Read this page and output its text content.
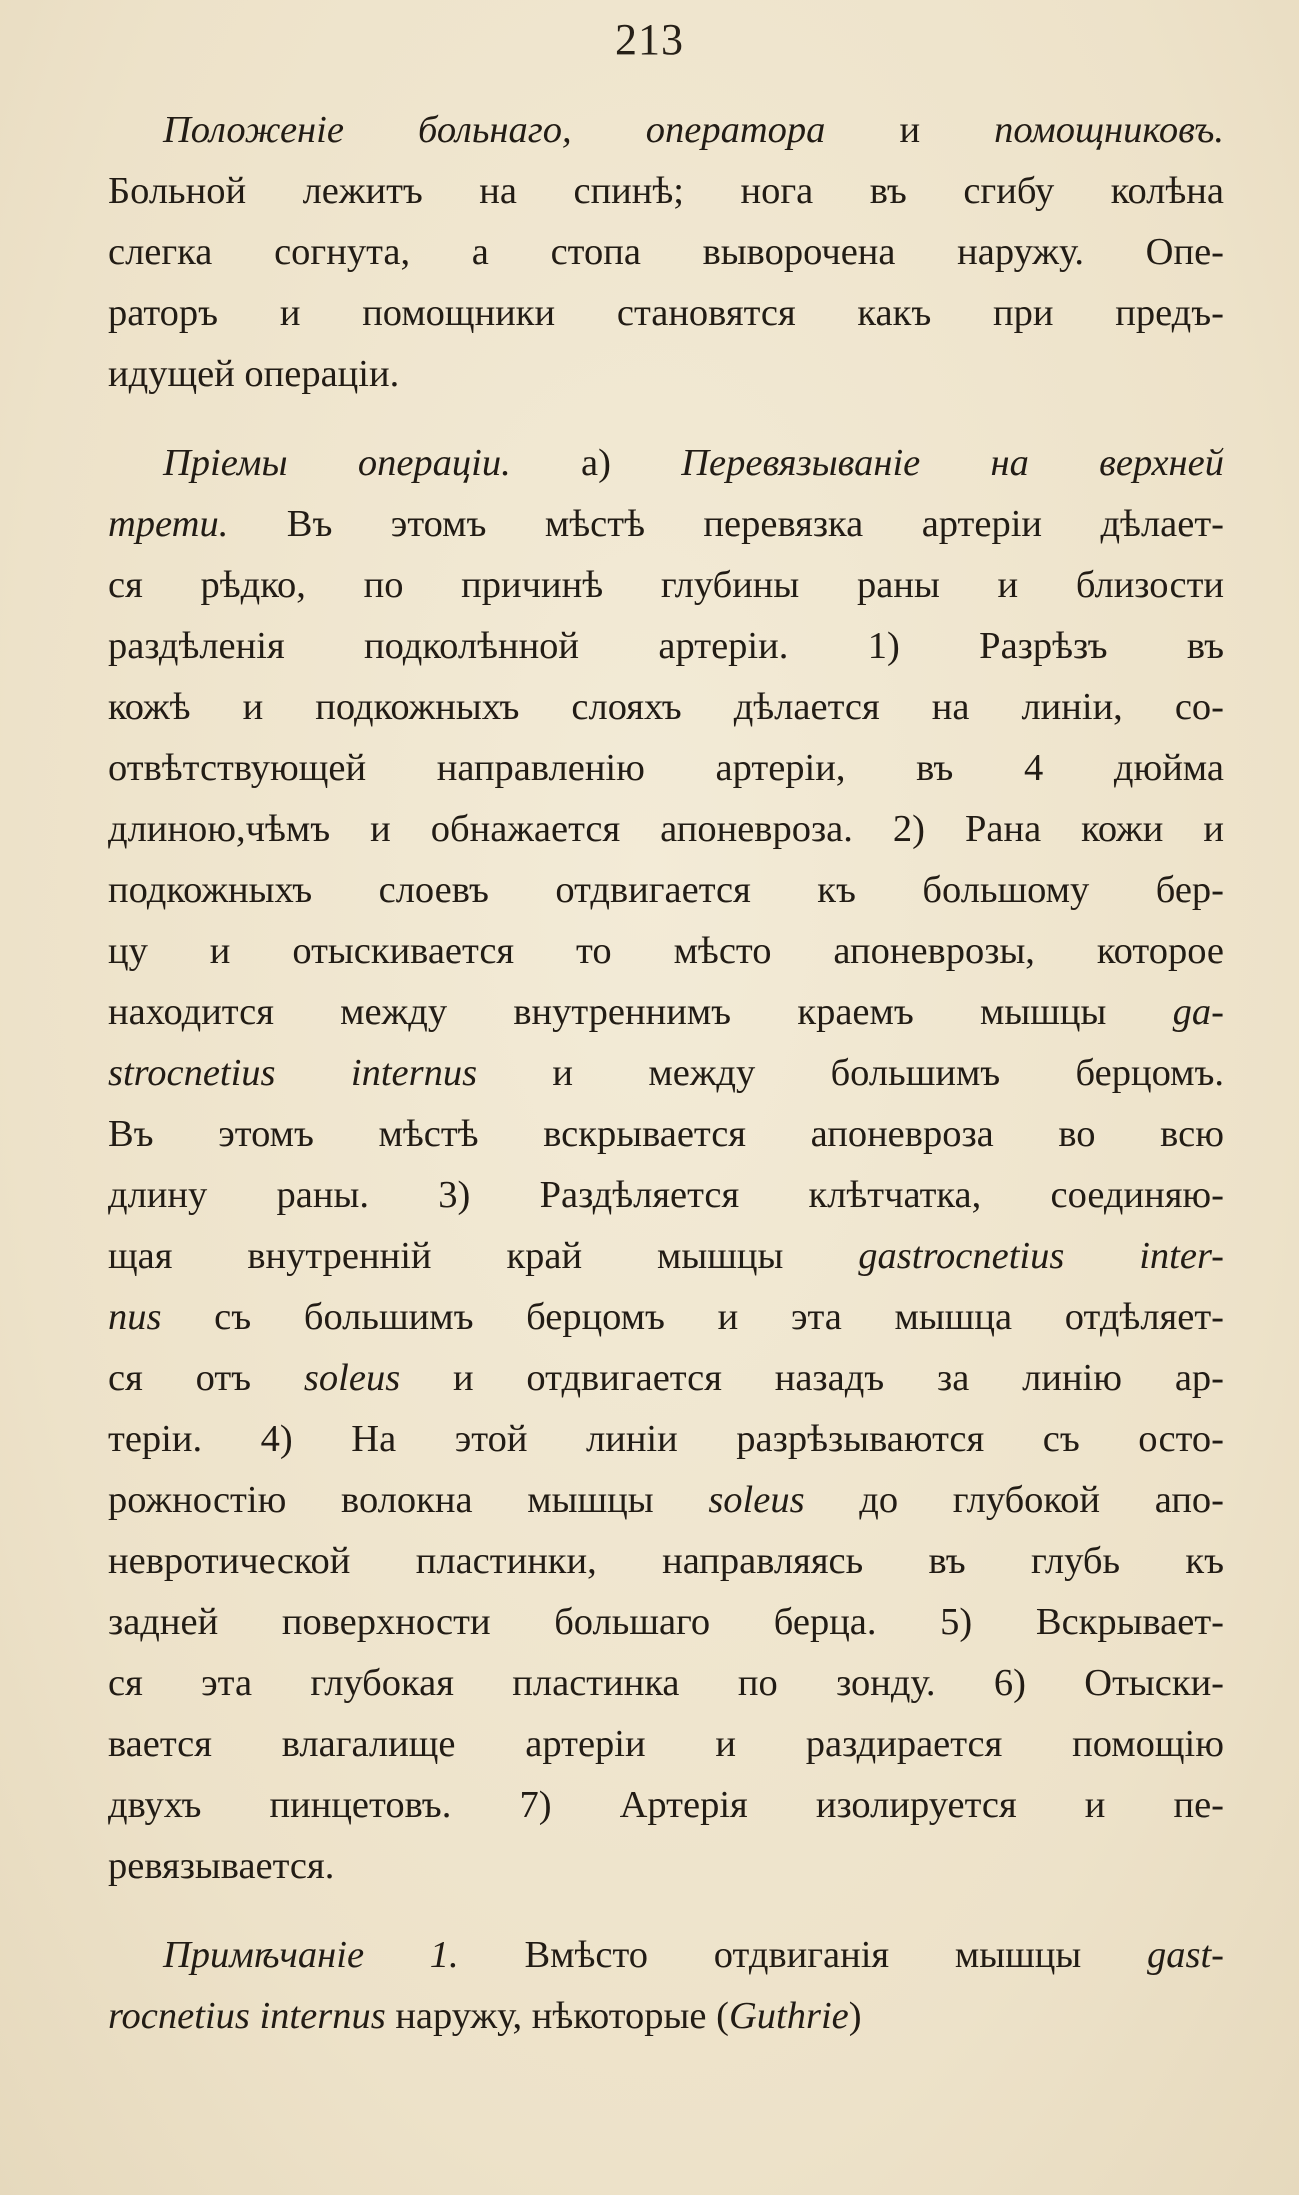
213
Положеніе больнаго, оператора и помощниковъ.
Больной лежитъ на спинѣ; нога въ сгибу колѣна
слегка согнута, а стопа выворочена наружу. Опе-
раторъ и помощники становятся какъ при предъ-
идущей операціи.
Пріемы операціи. а) Перевязываніе на верхней
трети. Въ этомъ мѣстѣ перевязка артеріи дѣлает-
ся рѣдко, по причинѣ глубины раны и близости
раздѣленія подколѣнной артеріи. 1) Разрѣзъ въ
кожѣ и подкожныхъ слояхъ дѣлается на линіи, со-
отвѣтствующей направленію артеріи, въ 4 дюйма
длиною,чѣмъ и обнажается апоневроза. 2) Рана кожи и
подкожныхъ слоевъ отдвигается къ большому бер-
цу и отыскивается то мѣсто апоневрозы, которое
находится между внутреннимъ краемъ мышцы ga-
strocnetius internus и между большимъ берцомъ.
Въ этомъ мѣстѣ вскрывается апоневроза во всю
длину раны. 3) Раздѣляется клѣтчатка, соединяю-
щая внутренній край мышцы gastrocnetius inter-
nus съ большимъ берцомъ и эта мышца отдѣляет-
ся отъ soleus и отдвигается назадъ за линію ар-
теріи. 4) На этой линіи разрѣзываются съ осто-
рожностію волокна мышцы soleus до глубокой апо-
невротической пластинки, направляясь въ глубь къ
задней поверхности большаго берца. 5) Вскрывает-
ся эта глубокая пластинка по зонду. 6) Отыски-
вается влагалище артеріи и раздирается помощію
двухъ пинцетовъ. 7) Артерія изолируется и пе-
ревязывается.
Примѣчаніе 1. Вмѣсто отдвиганія мышцы gast-
rocnetius internus наружу, нѣкоторые (Guthrie)
